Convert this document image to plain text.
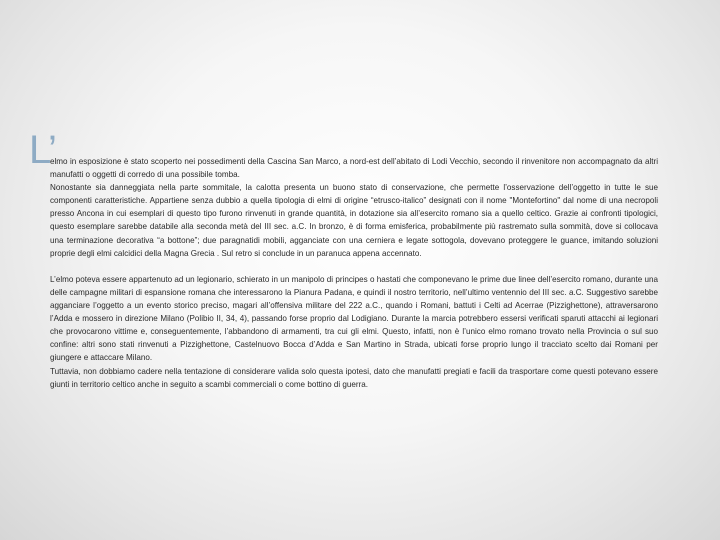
L’

elmo in esposizione è stato scoperto nei possedimenti della Cascina San Marco, a nord-est dell’abitato di Lodi Vecchio, secondo il rinvenitore non accompagnato da altri manufatti o oggetti di corredo di una possibile tomba.

Nonostante sia danneggiata nella parte sommitale, la calotta presenta un buono stato di conservazione, che permette l’osservazione dell’oggetto in tutte le sue componenti caratteristiche. Appartiene senza dubbio a quella tipologia di elmi di origine “etrusco-italico” designati con il nome "Montefortino" dal nome di una necropoli presso Ancona in cui esemplari di questo tipo furono rinvenuti in grande quantità, in dotazione sia all’esercito romano sia a quello celtico. Grazie ai confronti tipologici, questo esemplare sarebbe databile alla seconda metà del III sec. a.C. In bronzo, è di forma emisferica, probabilmente più rastremato sulla sommità, dove si collocava una terminazione decorativa “a bottone”; due paragnatidi mobili, agganciate con una cerniera e legate sottogola, dovevano proteggere le guance, imitando soluzioni proprie degli elmi calcidici della Magna Grecia . Sul retro si conclude in un paranuca appena accennato.

L’elmo poteva essere appartenuto ad un legionario, schierato in un manipolo di principes o hastati che componevano le prime due linee dell’esercito romano, durante una delle campagne militari di espansione romana che interessarono la Pianura Padana, e quindi il nostro territorio, nell’ultimo ventennio del III sec. a.C. Suggestivo sarebbe agganciare l’oggetto a un evento storico preciso, magari all’offensiva militare del 222 a.C., quando i Romani, battuti i Celti ad Acerrae (Pizzighettone), attraversarono l’Adda e mossero in direzione Milano (Polibio II, 34, 4), passando forse proprio dal Lodigiano. Durante la marcia potrebbero essersi verificati sparuti attacchi ai legionari che provocarono vittime e, conseguentemente, l’abbandono di armamenti, tra cui gli elmi. Questo, infatti, non è l’unico elmo romano trovato nella Provincia o sul suo confine: altri sono stati rinvenuti a Pizzighettone, Castelnuovo Bocca d’Adda e San Martino in Strada, ubicati forse proprio lungo il tracciato scelto dai Romani per giungere e attaccare Milano.

Tuttavia, non dobbiamo cadere nella tentazione di considerare valida solo questa ipotesi, dato che manufatti pregiati e facili da trasportare come questi potevano essere giunti in territorio celtico anche in seguito a scambi commerciali o come bottino di guerra.
